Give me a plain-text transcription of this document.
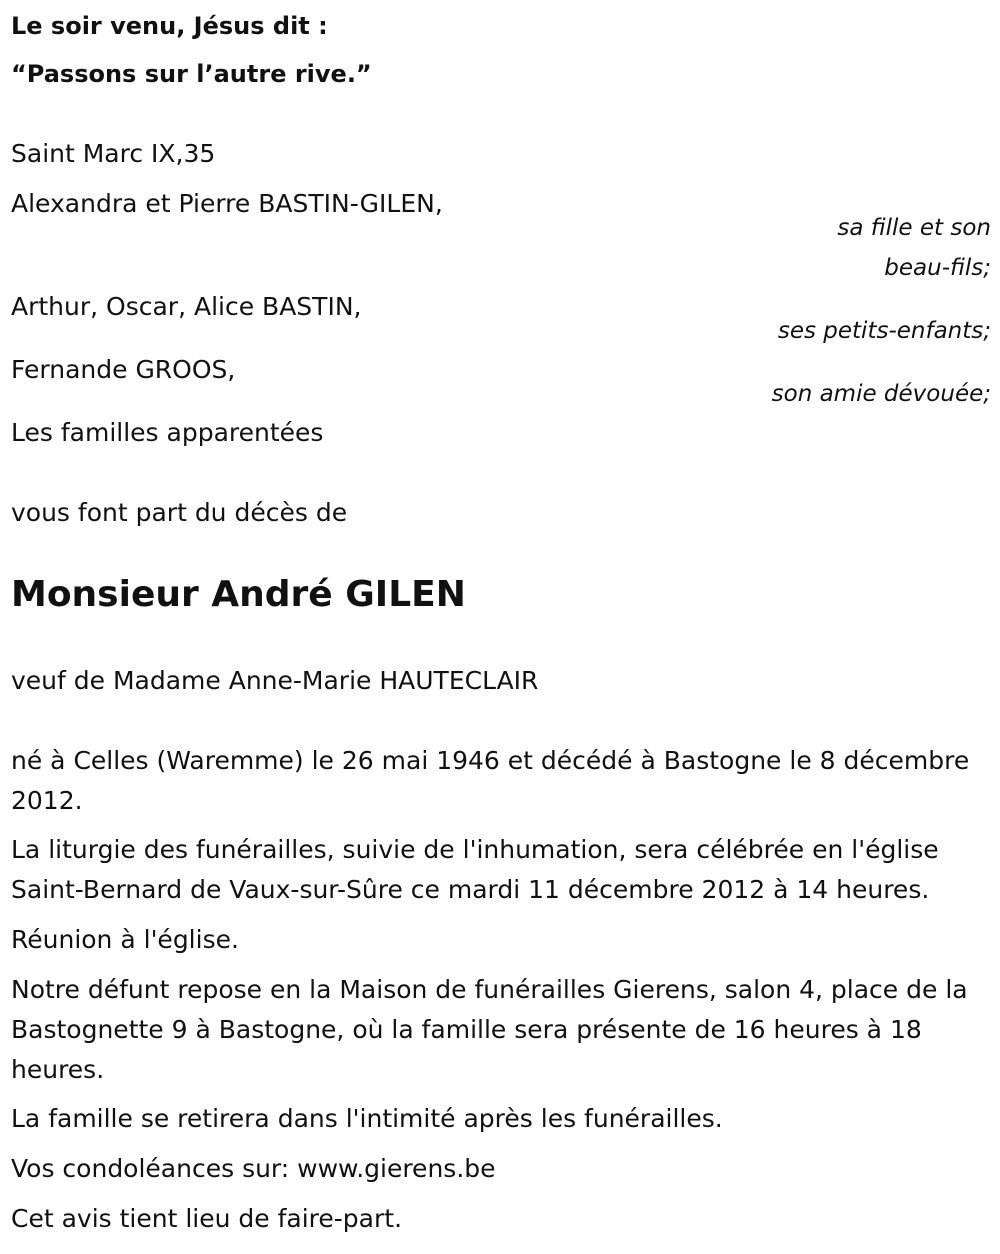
Le soir venu, Jésus dit :

“Passons sur l’autre rive.”

Saint Marc IX,35

Alexandra et Pierre BASTIN-GILEN,

sa fille et son
beau-fils;

Arthur, Oscar, Alice BASTIN,

ses petits-enfants;

Fernande GROOS,

son amie dévouée;

Les familles apparentées

vous font part du décès de

Monsieur André GILEN

veuf de Madame Anne-Marie HAUTECLAIR

né à Celles (Waremme) le 26 mai 1946 et décédé à Bastogne le 8 décembre 2012.

La liturgie des funérailles, suivie de l'inhumation, sera célébrée en l'église Saint-Bernard de Vaux-sur-Sûre ce mardi 11 décembre 2012 à 14 heures.

Réunion à l'église.

Notre défunt repose en la Maison de funérailles Gierens, salon 4, place de la Bastognette 9 à Bastogne, où la famille sera présente de 16 heures à 18 heures.

La famille se retirera dans l'intimité après les funérailles.

Vos condoléances sur: www.gierens.be

Cet avis tient lieu de faire-part.
